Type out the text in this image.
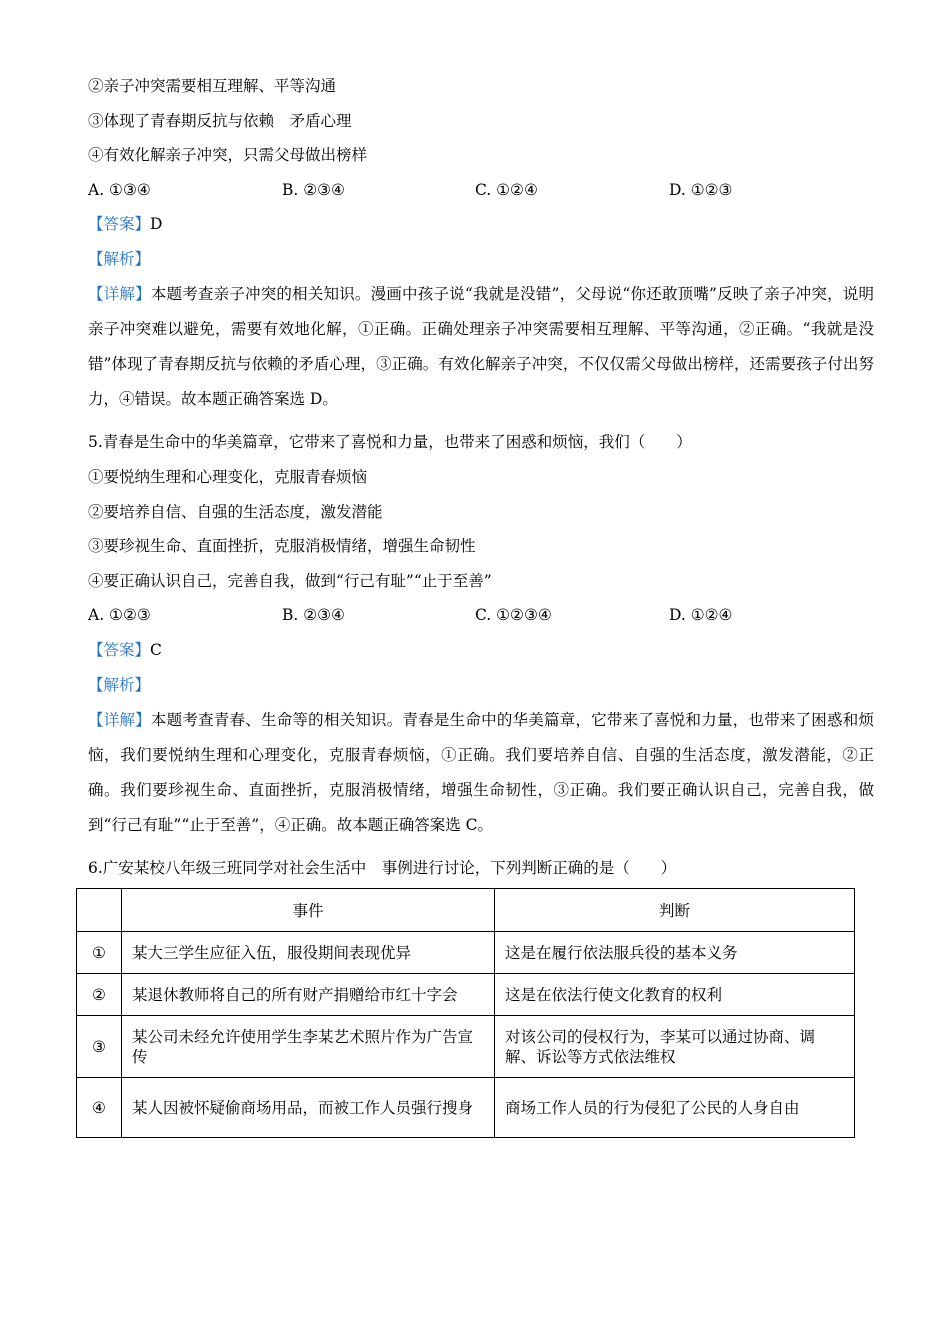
②亲子冲突需要相互理解、平等沟通
③体现了青春期反抗与依赖　矛盾心理
④有效化解亲子冲突，只需父母做出榜样
A. ①③④	B. ②③④	C. ①②④	D. ①②③
【答案】D
【解析】
【详解】本题考查亲子冲突的相关知识。漫画中孩子说“我就是没错”，父母说“你还敢顶嘴”反映了亲子冲突，说明亲子冲突难以避免，需要有效地化解，①正确。正确处理亲子冲突需要相互理解、平等沟通，②正确。“我就是没错”体现了青春期反抗与依赖的矛盾心理，③正确。有效化解亲子冲突，不仅仅需父母做出榜样，还需要孩子付出努力，④错误。故本题正确答案选 D。
5.青春是生命中的华美篇章，它带来了喜悦和力量，也带来了困惑和烦恼，我们（　　）
①要悦纳生理和心理变化，克服青春烦恼
②要培养自信、自强的生活态度，激发潜能
③要珍视生命、直面挫折，克服消极情绪，增强生命韧性
④要正确认识自己，完善自我，做到“行己有耻”“止于至善”
A. ①②③	B. ②③④	C. ①②③④	D. ①②④
【答案】C
【解析】
【详解】本题考查青春、生命等的相关知识。青春是生命中的华美篇章，它带来了喜悦和力量，也带来了困惑和烦恼，我们要悦纳生理和心理变化，克服青春烦恼，①正确。我们要培养自信、自强的生活态度，激发潜能，②正确。我们要珍视生命、直面挫折，克服消极情绪，增强生命韧性，③正确。我们要正确认识自己，完善自我，做到“行己有耻”“止于至善”，④正确。故本题正确答案选 C。
6.广安某校八年级三班同学对社会生活中　事例进行讨论，下列判断正确的是（　　）
	事件	判断
①	某大三学生应征入伍，服役期间表现优异	这是在履行依法服兵役的基本义务
②	某退休教师将自己的所有财产捐赠给市红十字会	这是在依法行使文化教育的权利
③	某公司未经允许使用学生李某艺术照片作为广告宣传	对该公司的侵权行为，李某可以通过协商、调解、诉讼等方式依法维权
④	某人因被怀疑偷商场用品，而被工作人员强行搜身	商场工作人员的行为侵犯了公民的人身自由
